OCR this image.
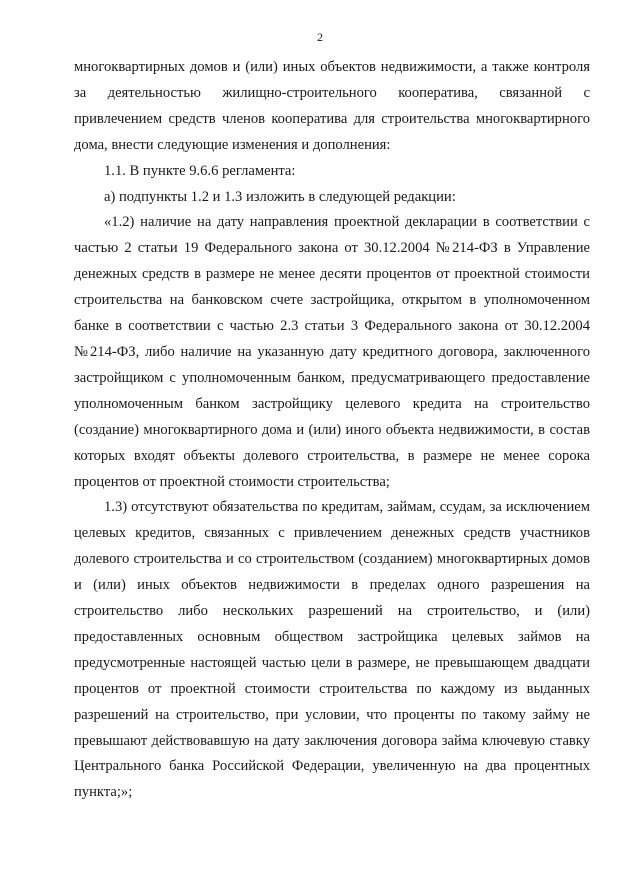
2

многоквартирных домов и (или) иных объектов недвижимости, а также контроля за деятельностью жилищно-строительного кооператива, связанной с привлечением средств членов кооператива для строительства многоквартирного дома, внести следующие изменения и дополнения:

1.1. В пункте 9.6.6 регламента:

а) подпункты 1.2 и 1.3 изложить в следующей редакции:

«1.2) наличие на дату направления проектной декларации в соответствии с частью 2 статьи 19 Федерального закона от 30.12.2004 №214-ФЗ в Управление денежных средств в размере не менее десяти процентов от проектной стоимости строительства на банковском счете застройщика, открытом в уполномоченном банке в соответствии с частью 2.3 статьи 3 Федерального закона от 30.12.2004 №214-ФЗ, либо наличие на указанную дату кредитного договора, заключенного застройщиком с уполномоченным банком, предусматривающего предоставление уполномоченным банком застройщику целевого кредита на строительство (создание) многоквартирного дома и (или) иного объекта недвижимости, в состав которых входят объекты долевого строительства, в размере не менее сорока процентов от проектной стоимости строительства;

1.3) отсутствуют обязательства по кредитам, займам, ссудам, за исключением целевых кредитов, связанных с привлечением денежных средств участников долевого строительства и со строительством (созданием) многоквартирных домов и (или) иных объектов недвижимости в пределах одного разрешения на строительство либо нескольких разрешений на строительство, и (или) предоставленных основным обществом застройщика целевых займов на предусмотренные настоящей частью цели в размере, не превышающем двадцати процентов от проектной стоимости строительства по каждому из выданных разрешений на строительство, при условии, что проценты по такому займу не превышают действовавшую на дату заключения договора займа ключевую ставку Центрального банка Российской Федерации, увеличенную на два процентных пункта;»;
